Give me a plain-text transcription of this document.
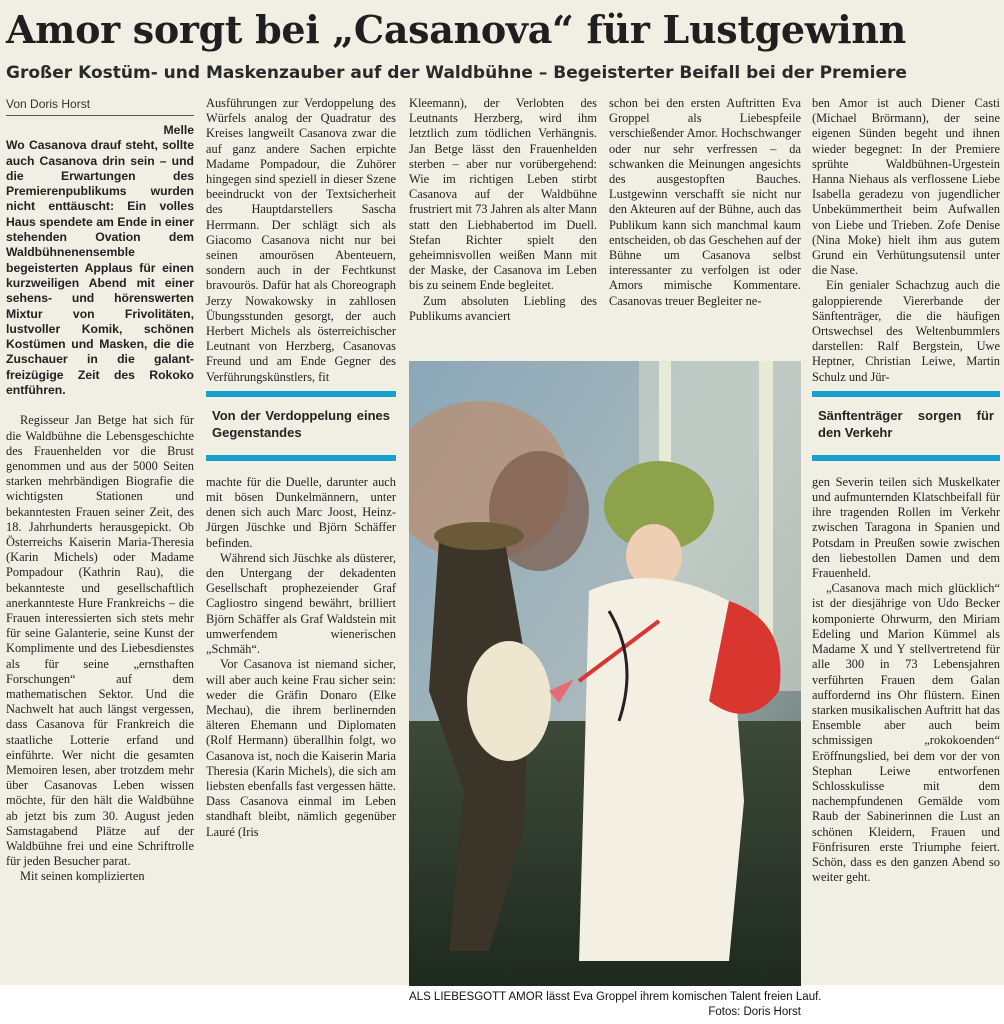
Amor sorgt bei „Casanova“ für Lustgewinn
Großer Kostüm- und Maskenzauber auf der Waldbühne – Begeisterter Beifall bei der Premiere
Von Doris Horst

Melle

Wo Casanova drauf steht, sollte auch Casanova drin sein – und die Erwartungen des Premierenpublikums wurden nicht enttäuscht: Ein volles Haus spendete am Ende in einer stehenden Ovation dem Waldbühnenensemble begeisterten Applaus für einen kurzweiligen Abend mit einer sehens- und hörenswerten Mixtur von Frivolitäten, lustvoller Komik, schönen Kostümen und Masken, die die Zuschauer in die galant-freizügige Zeit des Rokoko entführen.

Regisseur Jan Betge hat sich für die Waldbühne die Lebensgeschichte des Frauenhelden vor die Brust genommen und aus der 5000 Seiten starken mehrbändigen Biografie die wichtigsten Stationen und bekanntesten Frauen seiner Zeit, des 18. Jahrhunderts herausgepickt. Ob Österreichs Kaiserin Maria-Theresia (Karin Michels) oder Madame Pompadour (Kathrin Rau), die bekannteste und gesellschaftlich anerkannteste Hure Frankreichs – die Frauen interessierten sich stets mehr für seine Galanterie, seine Kunst der Komplimente und des Liebesdienstes als für seine „ernsthaften Forschungen“ auf dem mathematischen Sektor. Und die Nachwelt hat auch längst vergessen, dass Casanova für Frankreich die staatliche Lotterie erfand und einführte. Wer nicht die gesamten Memoiren lesen, aber trotzdem mehr über Casanovas Leben wissen möchte, für den hält die Waldbühne ab jetzt bis zum 30. August jeden Samstagabend Plätze auf der Waldbühne frei und eine Schriftrolle für jeden Besucher parat.

Mit seinen komplizierten

Ausführungen zur Verdoppelung des Würfels analog der Quadratur des Kreises langweilt Casanova zwar die auf ganz andere Sachen erpichte Madame Pompadour, die Zuhörer hingegen sind speziell in dieser Szene beeindruckt von der Textsicherheit des Hauptdarstellers Sascha Herrmann. Der schlägt sich als Giacomo Casanova nicht nur bei seinen amourösen Abenteuern, sondern auch in der Fechtkunst bravourös. Dafür hat als Choreograph Jerzy Nowakowsky in zahllosen Übungsstunden gesorgt, der auch Herbert Michels als österreichischer Leutnant von Herzberg, Casanovas Freund und am Ende Gegner des Verführungskünstlers, fit

Von der Verdoppelung eines Gegenstandes

machte für die Duelle, darunter auch mit bösen Dunkelmännern, unter denen sich auch Marc Joost, Heinz-Jürgen Jüschke und Björn Schäffer befinden.

Während sich Jüschke als düsterer, den Untergang der dekadenten Gesellschaft prophezeiender Graf Cagliostro singend bewährt, brilliert Björn Schäffer als Graf Waldstein mit umwerfendem wienerischen „Schmäh“.

Vor Casanova ist niemand sicher, will aber auch keine Frau sicher sein: weder die Gräfin Donaro (Elke Mechau), die ihrem berlinernden älteren Ehemann und Diplomaten (Rolf Hermann) überallhin folgt, wo Casanova ist, noch die Kaiserin Maria Theresia (Karin Michels), die sich am liebsten ebenfalls fast vergessen hätte. Dass Casanova einmal im Leben standhaft bleibt, nämlich gegenüber Lauré (Iris

Kleemann), der Verlobten des Leutnants Herzberg, wird ihm letztlich zum tödlichen Verhängnis. Jan Betge lässt den Frauenhelden sterben – aber nur vorübergehend: Wie im richtigen Leben stirbt Casanova auf der Waldbühne frustriert mit 73 Jahren als alter Mann statt den Liebhabertod im Duell. Stefan Richter spielt den geheimnisvollen weißen Mann mit der Maske, der Casanova im Leben bis zu seinem Ende begleitet.

Zum absoluten Liebling des Publikums avanciert

schon bei den ersten Auftritten Eva Groppel als Liebespfeile verschießender Amor. Hochschwanger oder nur sehr verfressen – da schwanken die Meinungen angesichts des ausgestopften Bauches. Lustgewinn verschafft sie nicht nur den Akteuren auf der Bühne, auch das Publikum kann sich manchmal kaum entscheiden, ob das Geschehen auf der Bühne um Casanova selbst interessanter zu verfolgen ist oder Amors mimische Kommentare. Casanovas treuer Begleiter ne-

ben Amor ist auch Diener Casti (Michael Brörmann), der seine eigenen Sünden begeht und ihnen wieder begegnet: In der Premiere sprühte Waldbühnen-Urgestein Hanna Niehaus als verflossene Liebe Isabella geradezu von jugendlicher Unbekümmertheit beim Aufwallen von Liebe und Trieben. Zofe Denise (Nina Moke) hielt ihm aus gutem Grund ein Verhütungsutensil unter die Nase.

Ein genialer Schachzug auch die galoppierende Viererbande der Sänftenträger, die die häufigen Ortswechsel des Weltenbummlers darstellen: Ralf Bergstein, Uwe Heptner, Christian Leiwe, Martin Schulz und Jür-

Sänftenträger sorgen für den Verkehr

gen Severin teilen sich Muskelkater und aufmunternden Klatschbeifall für ihre tragenden Rollen im Verkehr zwischen Taragona in Spanien und Potsdam in Preußen sowie zwischen den liebestollen Damen und dem Frauenheld.

„Casanova mach mich glücklich“ ist der diesjährige von Udo Becker komponierte Ohrwurm, den Miriam Edeling und Marion Kümmel als Madame X und Y stellvertretend für alle 300 in 73 Lebensjahren verführten Frauen dem Galan auffordernd ins Ohr flüstern. Einen starken musikalischen Auftritt hat das Ensemble aber auch beim schmissigen „rokokoenden“ Eröffnungslied, bei dem vor der von Stephan Leiwe entworfenen Schlosskulisse mit dem nachempfundenen Gemälde vom Raub der Sabinerinnen die Lust an schönen Kleidern, Frauen und Fönfrisuren erste Triumphe feiert. Schön, dass es den ganzen Abend so weiter geht.

ALS LIEBESGOTT AMOR lässt Eva Groppel ihrem komischen Talent freien Lauf.
Fotos: Doris Horst
